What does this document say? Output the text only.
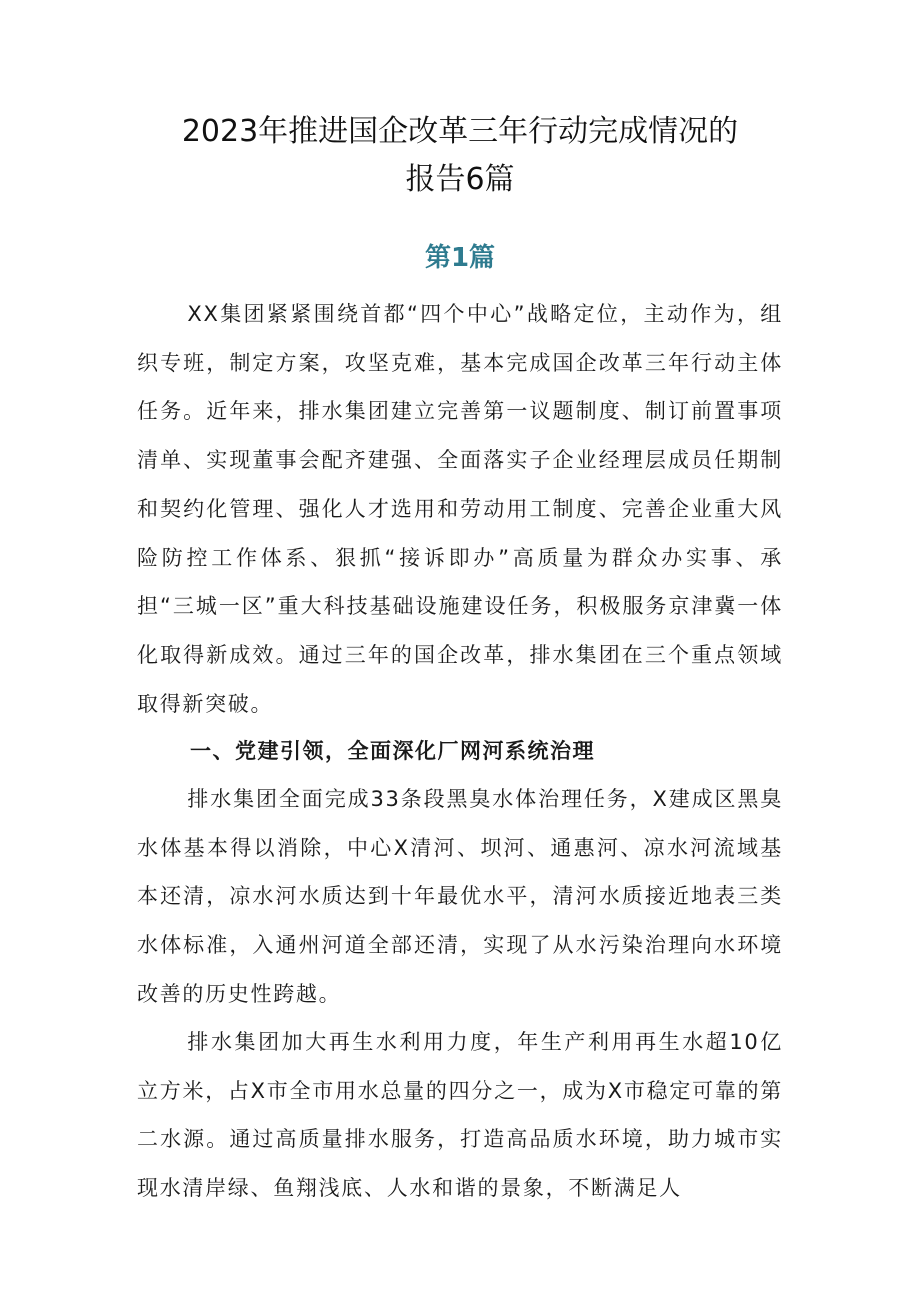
2023年推进国企改革三年行动完成情况的
报告6篇
第1篇

XX集团紧紧围绕首都“四个中心”战略定位，主动作为，组织专班，制定方案，攻坚克难，基本完成国企改革三年行动主体任务。近年来，排水集团建立完善第一议题制度、制订前置事项清单、实现董事会配齐建强、全面落实子企业经理层成员任期制和契约化管理、强化人才选用和劳动用工制度、完善企业重大风险防控工作体系、狠抓“接诉即办”高质量为群众办实事、承担“三城一区”重大科技基础设施建设任务，积极服务京津冀一体化取得新成效。通过三年的国企改革，排水集团在三个重点领域取得新突破。

一、党建引领，全面深化厂网河系统治理

排水集团全面完成33条段黑臭水体治理任务，X建成区黑臭水体基本得以消除，中心X清河、坝河、通惠河、凉水河流域基本还清，凉水河水质达到十年最优水平，清河水质接近地表三类水体标准，入通州河道全部还清，实现了从水污染治理向水环境改善的历史性跨越。

排水集团加大再生水利用力度，年生产利用再生水超10亿立方米，占X市全市用水总量的四分之一，成为X市稳定可靠的第二水源。通过高质量排水服务，打造高品质水环境，助力城市实现水清岸绿、鱼翔浅底、人水和谐的景象，不断满足人
